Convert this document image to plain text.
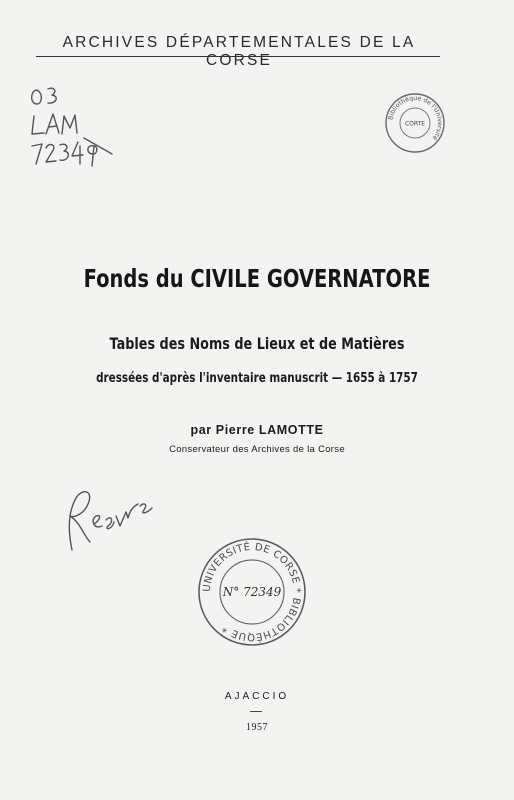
ARCHIVES DÉPARTEMENTALES DE LA CORSE
Bibliothèque de l'Université
CORTE
Fonds du CIVILE GOVERNATORE
Tables des Noms de Lieux et de Matières
dressées d'après l'inventaire manuscrit — 1655 à 1757
par Pierre LAMOTTE
Conservateur des Archives de la Corse
UNIVERSITÉ DE CORSE * BIBLIOTHÈQUE *
N° 72349
AJACCIO
1957
